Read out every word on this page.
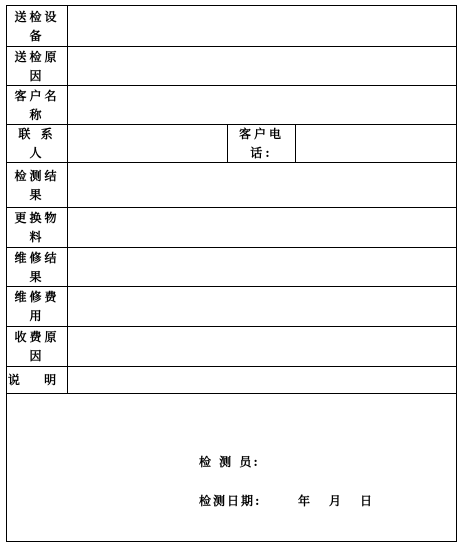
送检设备
送检原因
客户名称
联 系 人
客户电话:
检测结果
更换物料
维修结果
维修费用
收费原因
说 明
检 测 员:
检测日期:	年 月 日
